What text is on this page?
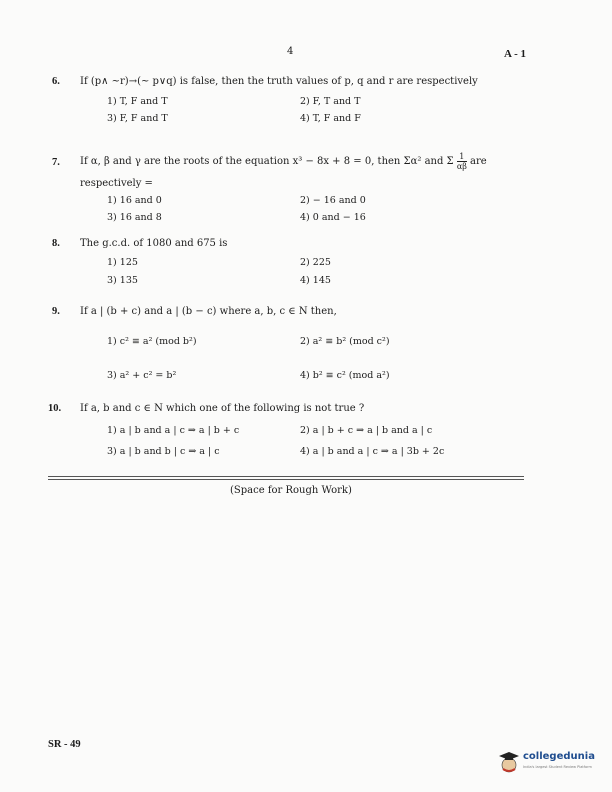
4	A - 1
6. If (p∧ ~r)→(~ p∨q) is false, then the truth values of p, q and r are respectively
1) T, F and T	2) F, T and T
3) F, F and T	4) T, F and F
7. If α, β and γ are the roots of the equation x³ − 8x + 8 = 0, then Σα² and Σ $\frac{1}{\alpha\beta}$ are
respectively =
1) 16 and 0	2) − 16 and 0
3) 16 and 8	4) 0 and − 16
8. The g.c.d. of 1080 and 675 is
1) 125	2) 225
3) 135	4) 145
9. If a | (b + c) and a | (b − c) where a, b, c ∈ N then,
1) c² ≡ a² (mod b²)	2) a² ≡ b² (mod c²)
3) a² + c² = b²	4) b² ≡ c² (mod a²)
10. If a, b and c ∈ N which one of the following is not true ?
1) a | b and a | c ⇒ a | b + c	2) a | b + c ⇒ a | b and a | c
3) a | b and b | c ⇒ a | c	4) a | b and a | c ⇒ a | 3b + 2c
(Space for Rough Work)
SR - 49
collegedunia
India's largest Student Review Platform
